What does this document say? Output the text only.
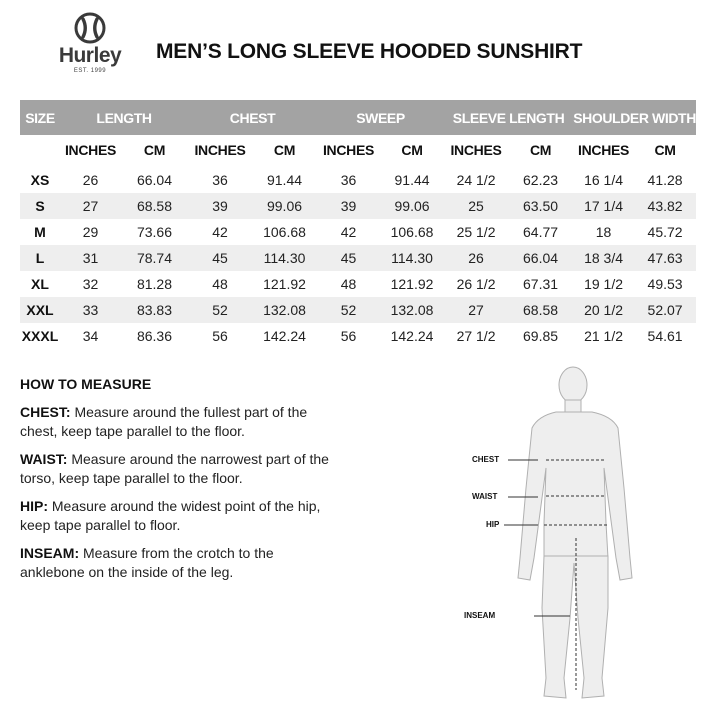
Hurley
EST. 1999
MEN’S LONG SLEEVE HOODED SUNSHIRT
SIZE	LENGTH		CHEST		SWEEP		SLEEVE LENGTH		SHOULDER WIDTH	
	INCHES	CM	INCHES	CM	INCHES	CM	INCHES	CM	INCHES	CM
XS	26	66.04	36	91.44	36	91.44	24 1/2	62.23	16 1/4	41.28
S	27	68.58	39	99.06	39	99.06	25	63.50	17 1/4	43.82
M	29	73.66	42	106.68	42	106.68	25 1/2	64.77	18	45.72
L	31	78.74	45	114.30	45	114.30	26	66.04	18 3/4	47.63
XL	32	81.28	48	121.92	48	121.92	26 1/2	67.31	19 1/2	49.53
XXL	33	83.83	52	132.08	52	132.08	27	68.58	20 1/2	52.07
XXXL	34	86.36	56	142.24	56	142.24	27 1/2	69.85	21 1/2	54.61
HOW TO MEASURE
CHEST: Measure around the fullest part of the chest, keep tape parallel to the floor.
WAIST: Measure around the narrowest part of the torso, keep tape parallel to the floor.
HIP: Measure around the widest point of the hip, keep tape parallel to floor.
INSEAM: Measure from the crotch to the anklebone on the inside of the leg.
CHEST
WAIST
HIP
INSEAM
